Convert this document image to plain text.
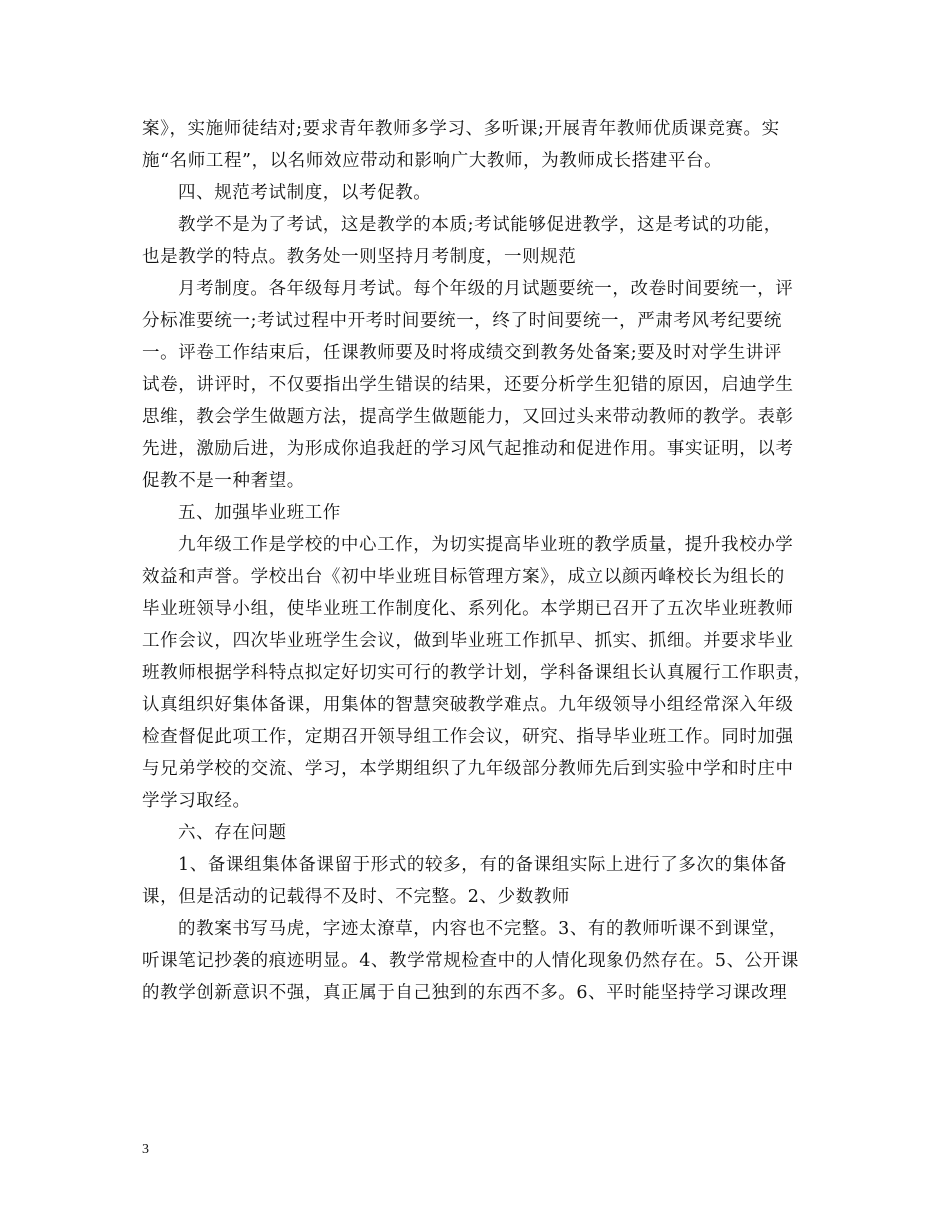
案》，实施师徒结对;要求青年教师多学习、多听课;开展青年教师优质课竞赛。实
施“名师工程”，以名师效应带动和影响广大教师，为教师成长搭建平台。
四、规范考试制度，以考促教。
教学不是为了考试，这是教学的本质;考试能够促进教学，这是考试的功能，
也是教学的特点。教务处一则坚持月考制度，一则规范
月考制度。各年级每月考试。每个年级的月试题要统一，改卷时间要统一，评
分标准要统一;考试过程中开考时间要统一，终了时间要统一，严肃考风考纪要统
一。评卷工作结束后，任课教师要及时将成绩交到教务处备案;要及时对学生讲评
试卷，讲评时，不仅要指出学生错误的结果，还要分析学生犯错的原因，启迪学生
思维，教会学生做题方法，提高学生做题能力，又回过头来带动教师的教学。表彰
先进，激励后进，为形成你追我赶的学习风气起推动和促进作用。事实证明，以考
促教不是一种奢望。
五、加强毕业班工作
九年级工作是学校的中心工作，为切实提高毕业班的教学质量，提升我校办学
效益和声誉。学校出台《初中毕业班目标管理方案》，成立以颜丙峰校长为组长的
毕业班领导小组，使毕业班工作制度化、系列化。本学期已召开了五次毕业班教师
工作会议，四次毕业班学生会议，做到毕业班工作抓早、抓实、抓细。并要求毕业
班教师根据学科特点拟定好切实可行的教学计划，学科备课组长认真履行工作职责，
认真组织好集体备课，用集体的智慧突破教学难点。九年级领导小组经常深入年级
检查督促此项工作，定期召开领导组工作会议，研究、指导毕业班工作。同时加强
与兄弟学校的交流、学习，本学期组织了九年级部分教师先后到实验中学和时庄中
学学习取经。
六、存在问题
1、备课组集体备课留于形式的较多，有的备课组实际上进行了多次的集体备
课，但是活动的记载得不及时、不完整。2、少数教师
的教案书写马虎，字迹太潦草，内容也不完整。3、有的教师听课不到课堂，
听课笔记抄袭的痕迹明显。4、教学常规检查中的人情化现象仍然存在。5、公开课
的教学创新意识不强，真正属于自己独到的东西不多。6、平时能坚持学习课改理
3
